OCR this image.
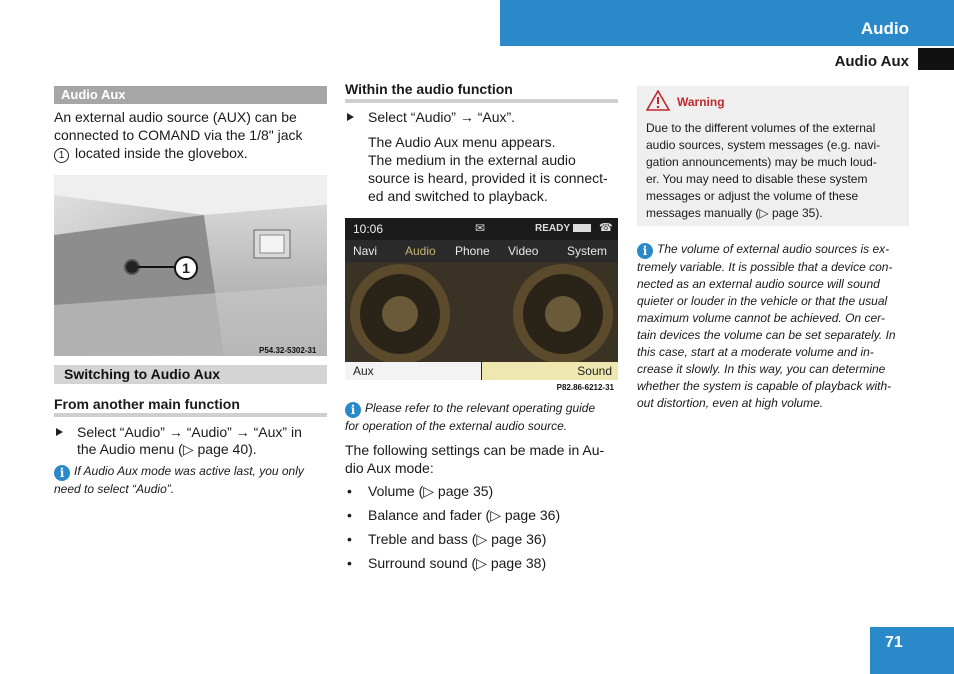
Audio
Audio Aux
Audio Aux
An external audio source (AUX) can be
connected to COMAND via the 1/8" jack
1 located inside the glovebox.
1
P54.32-5302-31
Switching to Audio Aux
From another main function
Select “Audio” → “Audio” → “Aux” in
the Audio menu (▷ page 40).
i If Audio Aux mode was active last, you only
need to select “Audio”.
Within the audio function
Select “Audio” → “Aux”.
The Audio Aux menu appears.
The medium in the external audio
source is heard, provided it is connect-
ed and switched to playback.
10:06	✉	READY	☎
Navi Audio Phone Video System
Aux	Sound
P82.86-6212-31
i Please refer to the relevant operating guide
for operation of the external audio source.
The following settings can be made in Au-
dio Aux mode:
• Volume (▷ page 35)
• Balance and fader (▷ page 36)
• Treble and bass (▷ page 36)
• Surround sound (▷ page 38)
Warning
Due to the different volumes of the external
audio sources, system messages (e.g. navi-
gation announcements) may be much loud-
er. You may need to disable these system
messages or adjust the volume of these
messages manually (▷ page 35).
i The volume of external audio sources is ex-
tremely variable. It is possible that a device con-
nected as an external audio source will sound
quieter or louder in the vehicle or that the usual
maximum volume cannot be achieved. On cer-
tain devices the volume can be set separately. In
this case, start at a moderate volume and in-
crease it slowly. In this way, you can determine
whether the system is capable of playback with-
out distortion, even at high volume.
71
